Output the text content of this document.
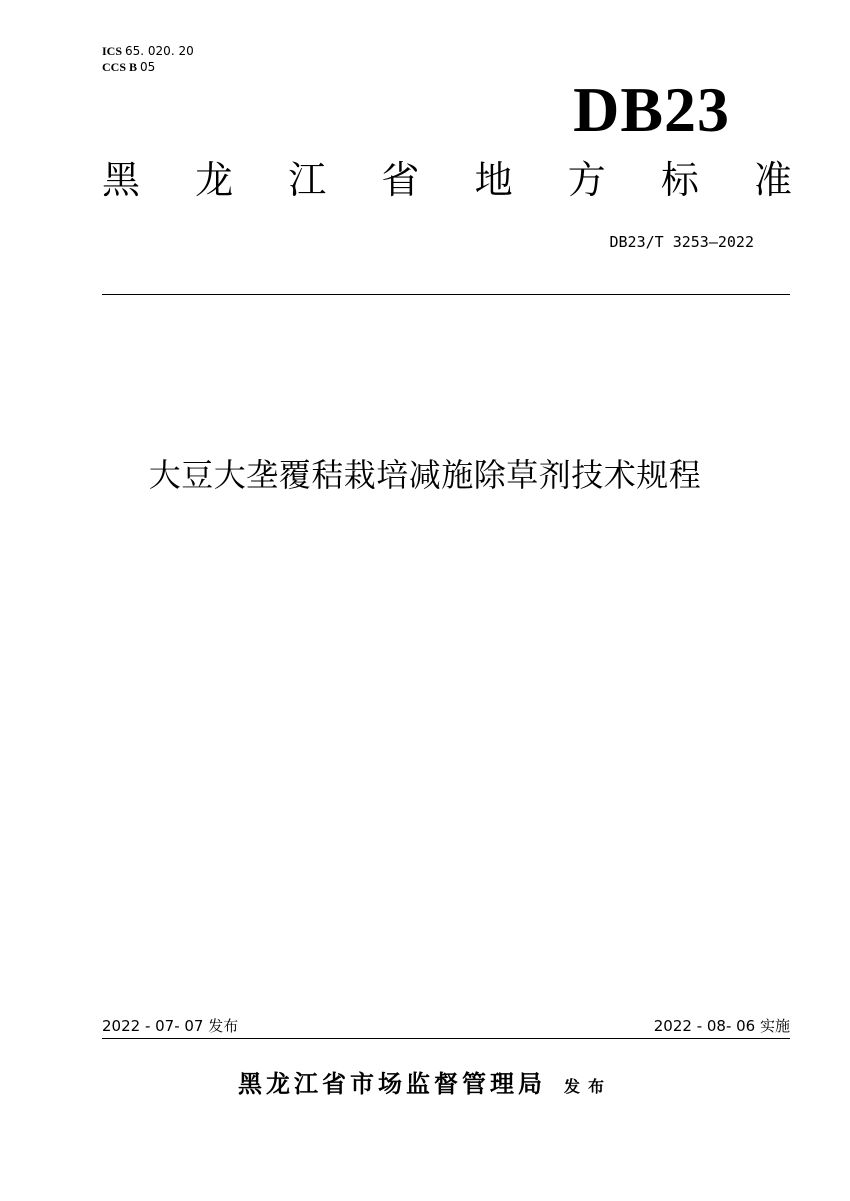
ICS 65. 020. 20
CCS B 05
DB23
黑 龙 江 省 地 方 标 准
DB23/T 3253—2022
大豆大垄覆秸栽培减施除草剂技术规程
2022 - 07- 07 发布	2022 - 08- 06 实施
黑龙江省市场监督管理局 发布
